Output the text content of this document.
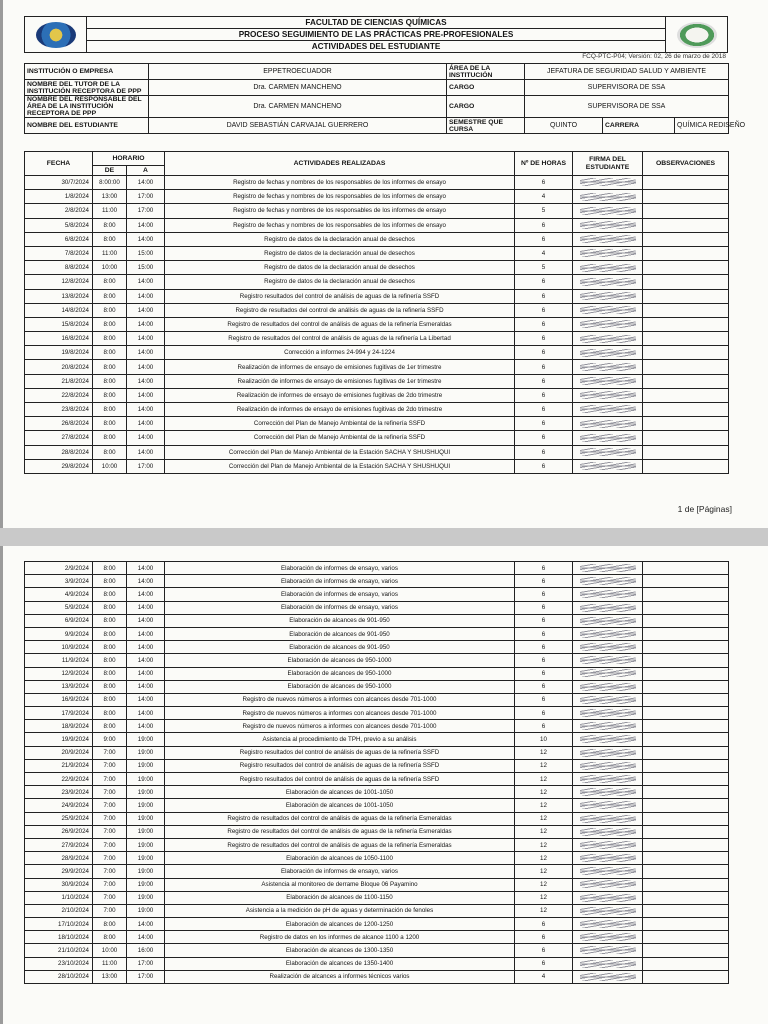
	FACULTAD DE CIENCIAS QUÍMICAS	

PROCESO SEGUIMIENTO DE LAS PRÁCTICAS PRE-PROFESIONALES
ACTIVIDADES DEL ESTUDIANTE
FCQ-PTC-P04; Versión: 02, 26 de marzo de 2018
INSTITUCIÓN O EMPRESA	EPPETROECUADOR	ÁREA DE LA INSTITUCIÓN	JEFATURA DE SEGURIDAD SALUD Y AMBIENTE		
NOMBRE DEL TUTOR DE LA INSTITUCIÓN RECEPTORA DE PPP	Dra. CARMEN MANCHENO	CARGO	SUPERVISORA DE SSA		
NOMBRE DEL RESPONSABLE DEL ÁREA DE LA INSTITUCIÓN RECEPTORA DE PPP	Dra. CARMEN MANCHENO	CARGO	SUPERVISORA DE SSA		
NOMBRE DEL ESTUDIANTE	DAVID SEBASTIÁN CARVAJAL GUERRERO	SEMESTRE QUE CURSA	QUINTO	CARRERA	QUÍMICA REDISEÑO
FECHA	HORARIO		ACTIVIDADES REALIZADAS	Nº DE HORAS	FIRMA DEL ESTUDIANTE	OBSERVACIONES
	DE	A				
30/7/2024	8:00:00	14:00	Registro de fechas y nombres de los responsables de los informes de ensayo	6		
1/8/2024	13:00	17:00	Registro de fechas y nombres de los responsables de los informes de ensayo	4		
2/8/2024	11:00	17:00	Registro de fechas y nombres de los responsables de los informes de ensayo	5		
5/8/2024	8:00	14:00	Registro de fechas y nombres de los responsables de los informes de ensayo	6		
6/8/2024	8:00	14:00	Registro de datos de la declaración anual de desechos	6		
7/8/2024	11:00	15:00	Registro de datos de la declaración anual de desechos	4		
8/8/2024	10:00	15:00	Registro de datos de la declaración anual de desechos	5		
12/8/2024	8:00	14:00	Registro de datos de la declaración anual de desechos	6		
13/8/2024	8:00	14:00	Registro resultados del control de análisis de aguas de la refinería SSFD	6		
14/8/2024	8:00	14:00	Registro de resultados del control de análisis de aguas de la refinería SSFD	6		
15/8/2024	8:00	14:00	Registro de resultados del control de análisis de aguas de la refinería Esmeraldas	6		
16/8/2024	8:00	14:00	Registro de resultados del control de análisis de aguas de la refinería La Libertad	6		
19/8/2024	8:00	14:00	Corrección a informes 24-994 y 24-1224	6		
20/8/2024	8:00	14:00	Realización de informes de ensayo de emisiones fugitivas de 1er trimestre	6		
21/8/2024	8:00	14:00	Realización de informes de ensayo de emisiones fugitivas de 1er trimestre	6		
22/8/2024	8:00	14:00	Realización de informes de ensayo de emisiones fugitivas de 2do trimestre	6		
23/8/2024	8:00	14:00	Realización de informes de ensayo de emisiones fugitivas de 2do trimestre	6		
26/8/2024	8:00	14:00	Corrección del Plan de Manejo Ambiental de la refinería SSFD	6		
27/8/2024	8:00	14:00	Corrección del Plan de Manejo Ambiental de la refinería SSFD	6		
28/8/2024	8:00	14:00	Corrección del Plan de Manejo Ambiental de la Estación SACHA Y SHUSHUQUI	6		
29/8/2024	10:00	17:00	Corrección del Plan de Manejo Ambiental de la Estación SACHA Y SHUSHUQUI	6		
1 de [Páginas]
2/9/2024	8:00	14:00	Elaboración de informes de ensayo, varios	6		
3/9/2024	8:00	14:00	Elaboración de informes de ensayo, varios	6		
4/9/2024	8:00	14:00	Elaboración de informes de ensayo, varios	6		
5/9/2024	8:00	14:00	Elaboración de informes de ensayo, varios	6		
6/9/2024	8:00	14:00	Elaboración de alcances de 901-950	6		
9/9/2024	8:00	14:00	Elaboración de alcances de 901-950	6		
10/9/2024	8:00	14:00	Elaboración de alcances de 901-950	6		
11/9/2024	8:00	14:00	Elaboración de alcances de 950-1000	6		
12/9/2024	8:00	14:00	Elaboración de alcances de 950-1000	6		
13/9/2024	8:00	14:00	Elaboración de alcances de 950-1000	6		
16/9/2024	8:00	14:00	Registro de nuevos números a informes con alcances desde 701-1000	6		
17/9/2024	8:00	14:00	Registro de nuevos números a informes con alcances desde 701-1000	6		
18/9/2024	8:00	14:00	Registro de nuevos números a informes con alcances desde 701-1000	6		
19/9/2024	9:00	19:00	Asistencia al procedimiento de TPH, previo a su análisis	10		
20/9/2024	7:00	19:00	Registro resultados del control de análisis de aguas de la refinería SSFD	12		
21/9/2024	7:00	19:00	Registro resultados del control de análisis de aguas de la refinería SSFD	12		
22/9/2024	7:00	19:00	Registro resultados del control de análisis de aguas de la refinería SSFD	12		
23/9/2024	7:00	19:00	Elaboración de alcances de 1001-1050	12		
24/9/2024	7:00	19:00	Elaboración de alcances de 1001-1050	12		
25/9/2024	7:00	19:00	Registro de resultados del control de análisis de aguas de la refinería Esmeraldas	12		
26/9/2024	7:00	19:00	Registro de resultados del control de análisis de aguas de la refinería Esmeraldas	12		
27/9/2024	7:00	19:00	Registro de resultados del control de análisis de aguas de la refinería Esmeraldas	12		
28/9/2024	7:00	19:00	Elaboración de alcances de 1050-1100	12		
29/9/2024	7:00	19:00	Elaboración de informes de ensayo, varios	12		
30/9/2024	7:00	19:00	Asistencia al monitoreo de derrame Bloque 06 Payamino	12		
1/10/2024	7:00	19:00	Elaboración de alcances de 1100-1150	12		
2/10/2024	7:00	19:00	Asistencia a la medición de pH de aguas y determinación de fenoles	12		
17/10/2024	8:00	14:00	Elaboración de alcances de 1200-1250	6		
18/10/2024	8:00	14:00	Registro de datos en los informes de alcance 1100 a 1200	6		
21/10/2024	10:00	16:00	Elaboración de alcances de 1300-1350	6		
23/10/2024	11:00	17:00	Elaboración de alcances de 1350-1400	6		
28/10/2024	13:00	17:00	Realización de alcances a informes técnicos varios	4		
